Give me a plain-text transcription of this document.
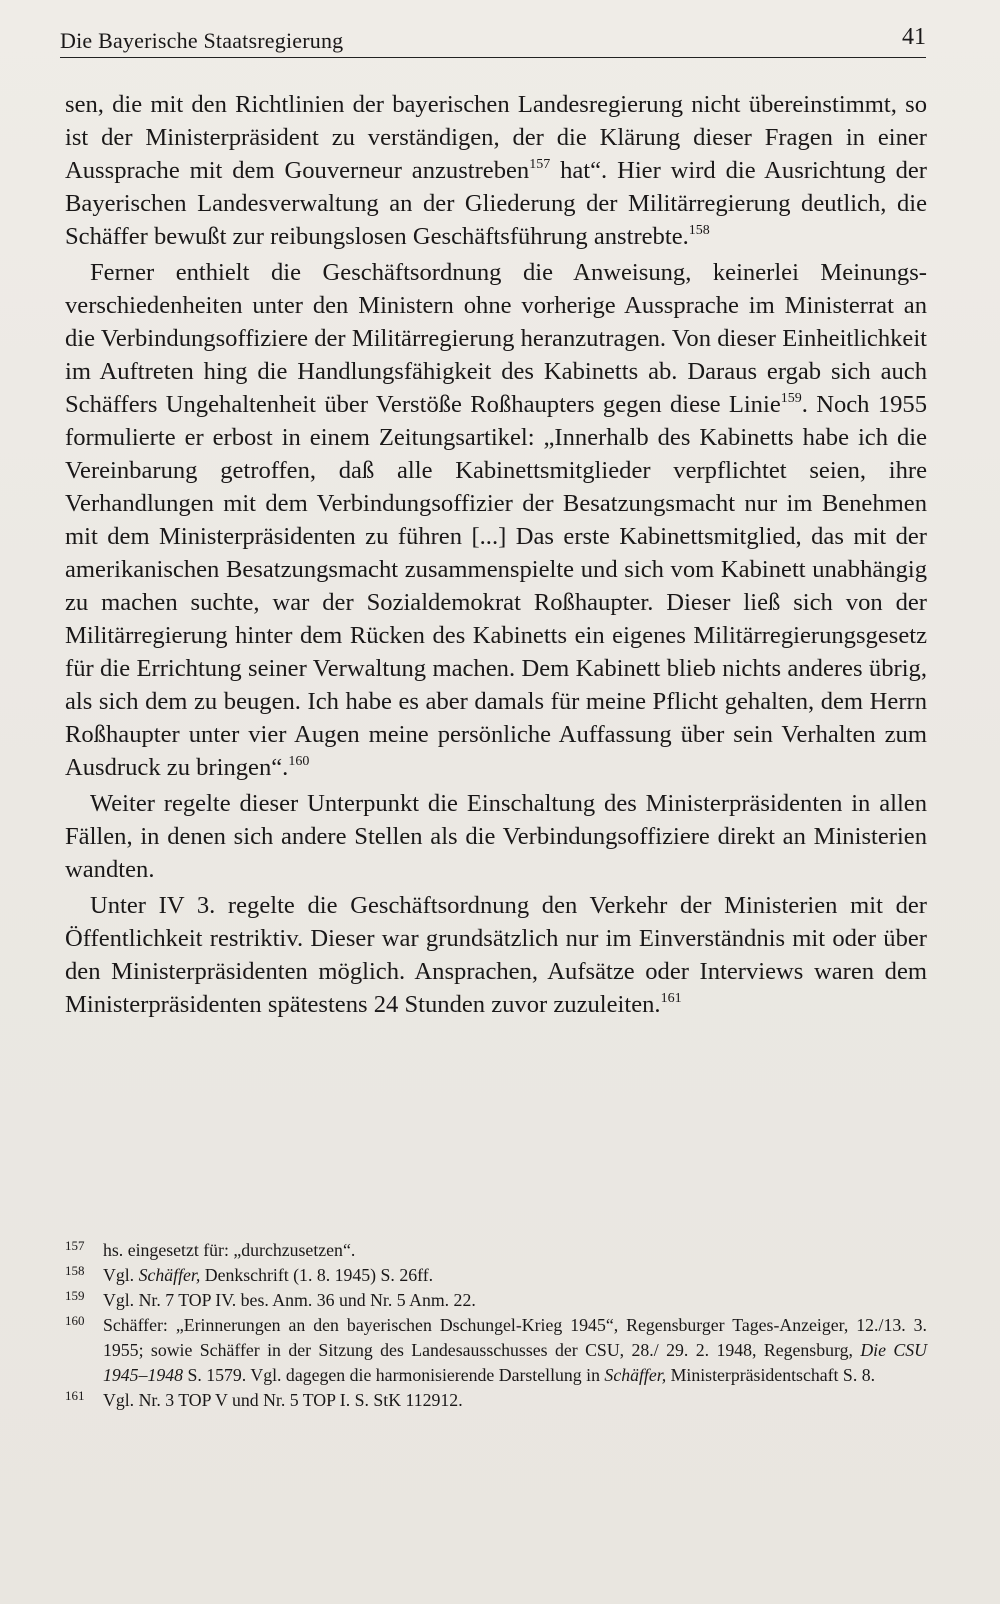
Die Bayerische Staatsregierung	41

sen, die mit den Richtlinien der bayerischen Landesregierung nicht übereinstimmt, so ist der Ministerpräsident zu verständigen, der die Klärung dieser Fragen in einer Aussprache mit dem Gouverneur anzustreben$^{157}$ hat“. Hier wird die Ausrichtung der Bayerischen Landesverwaltung an der Gliederung der Militärregierung deutlich, die Schäffer bewußt zur reibungslosen Geschäftsführung anstrebte.$^{158}$

Ferner enthielt die Geschäftsordnung die Anweisung, keinerlei Meinungsverschiedenheiten unter den Ministern ohne vorherige Aussprache im Ministerrat an die Verbindungsoffiziere der Militärregierung heranzutragen. Von dieser Einheitlichkeit im Auftreten hing die Handlungsfähigkeit des Kabinetts ab. Daraus ergab sich auch Schäffers Ungehaltenheit über Verstöße Roßhaupters gegen diese Linie$^{159}$. Noch 1955 formulierte er erbost in einem Zeitungsartikel: „Innerhalb des Kabinetts habe ich die Vereinbarung getroffen, daß alle Kabinettsmitglieder verpflichtet seien, ihre Verhandlungen mit dem Verbindungsoffizier der Besatzungsmacht nur im Benehmen mit dem Ministerpräsidenten zu führen [...] Das erste Kabinettsmitglied, das mit der amerikanischen Besatzungsmacht zusammenspielte und sich vom Kabinett unabhängig zu machen suchte, war der Sozialdemokrat Roßhaupter. Dieser ließ sich von der Militärregierung hinter dem Rücken des Kabinetts ein eigenes Militärregierungsgesetz für die Errichtung seiner Verwaltung machen. Dem Kabinett blieb nichts anderes übrig, als sich dem zu beugen. Ich habe es aber damals für meine Pflicht gehalten, dem Herrn Roßhaupter unter vier Augen meine persönliche Auffassung über sein Verhalten zum Ausdruck zu bringen“.$^{160}$

Weiter regelte dieser Unterpunkt die Einschaltung des Ministerpräsidenten in allen Fällen, in denen sich andere Stellen als die Verbindungsoffiziere direkt an Ministerien wandten.

Unter IV 3. regelte die Geschäftsordnung den Verkehr der Ministerien mit der Öffentlichkeit restriktiv. Dieser war grundsätzlich nur im Einverständnis mit oder über den Ministerpräsidenten möglich. Ansprachen, Aufsätze oder Interviews waren dem Ministerpräsidenten spätestens 24 Stunden zuvor zuzuleiten.$^{161}$

157 hs. eingesetzt für: „durchzusetzen“.

158 Vgl. Schäffer, Denkschrift (1. 8. 1945) S. 26ff.

159 Vgl. Nr. 7 TOP IV. bes. Anm. 36 und Nr. 5 Anm. 22.

160 Schäffer: „Erinnerungen an den bayerischen Dschungel-Krieg 1945“, Regensburger Tages-Anzeiger, 12./13. 3. 1955; sowie Schäffer in der Sitzung des Landesausschusses der CSU, 28./ 29. 2. 1948, Regensburg, Die CSU 1945–1948 S. 1579. Vgl. dagegen die harmonisierende Darstellung in Schäffer, Ministerpräsidentschaft S. 8.

161 Vgl. Nr. 3 TOP V und Nr. 5 TOP I. S. StK 112912.
